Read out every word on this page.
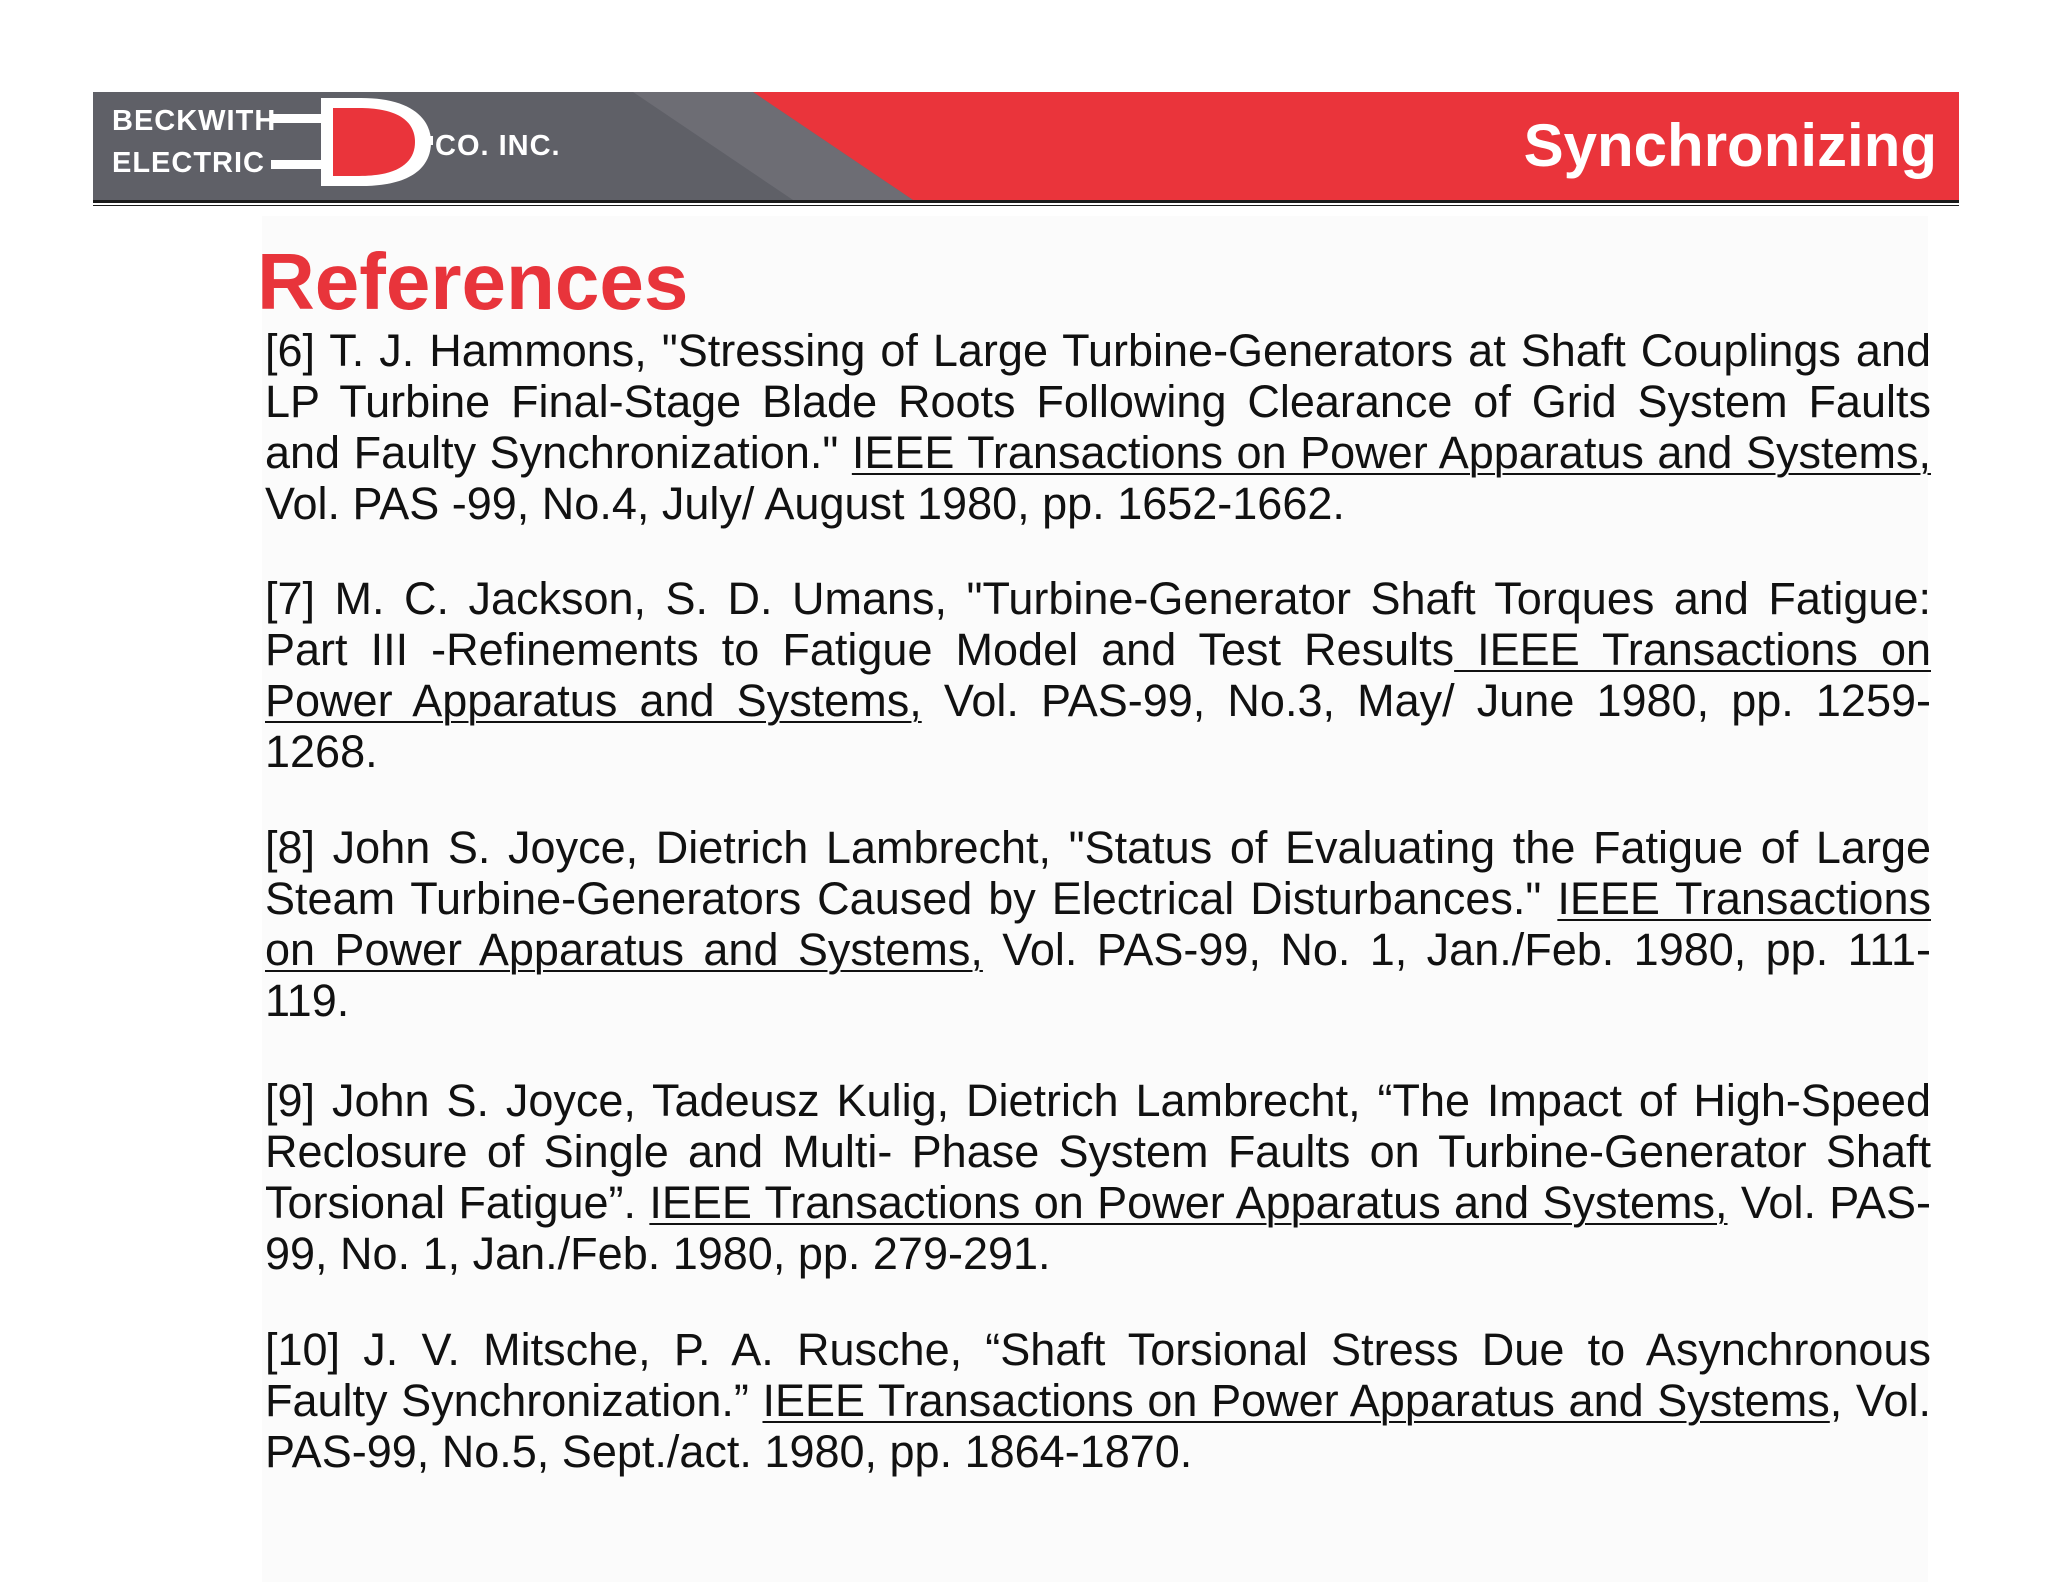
BECKWITH
ELECTRIC
CO. INC.	Synchronizing
References

[6] T. J. Hammons, "Stressing of Large Turbine-Generators at Shaft Couplings and LP Turbine Final-Stage Blade Roots Following Clearance of Grid System Faults and Faulty Synchronization." IEEE Transactions on Power Apparatus and Systems, Vol. PAS -99, No.4, July/ August 1980, pp. 1652-1662.

[7] M. C. Jackson, S. D. Umans, "Turbine-Generator Shaft Torques and Fatigue: Part III -Refinements to Fatigue Model and Test Results IEEE Transactions on Power Apparatus and Systems, Vol. PAS-99, No.3, May/ June 1980, pp. 1259-1268.

[8] John S. Joyce, Dietrich Lambrecht, "Status of Evaluating the Fatigue of Large Steam Turbine-Generators Caused by Electrical Disturbances." IEEE Transactions on Power Apparatus and Systems, Vol. PAS-99, No. 1, Jan./Feb. 1980, pp. 111-119.

[9] John S. Joyce, Tadeusz Kulig, Dietrich Lambrecht, “The Impact of High-Speed Reclosure of Single and Multi- Phase System Faults on Turbine-Generator Shaft Torsional Fatigue”. IEEE Transactions on Power Apparatus and Systems, Vol. PAS- 99, No. 1, Jan./Feb. 1980, pp. 279-291.

[10] J. V. Mitsche, P. A. Rusche, “Shaft Torsional Stress Due to Asynchronous Faulty Synchronization.” IEEE Transactions on Power Apparatus and Systems, Vol. PAS-99, No.5, Sept./act. 1980, pp. 1864-1870.
